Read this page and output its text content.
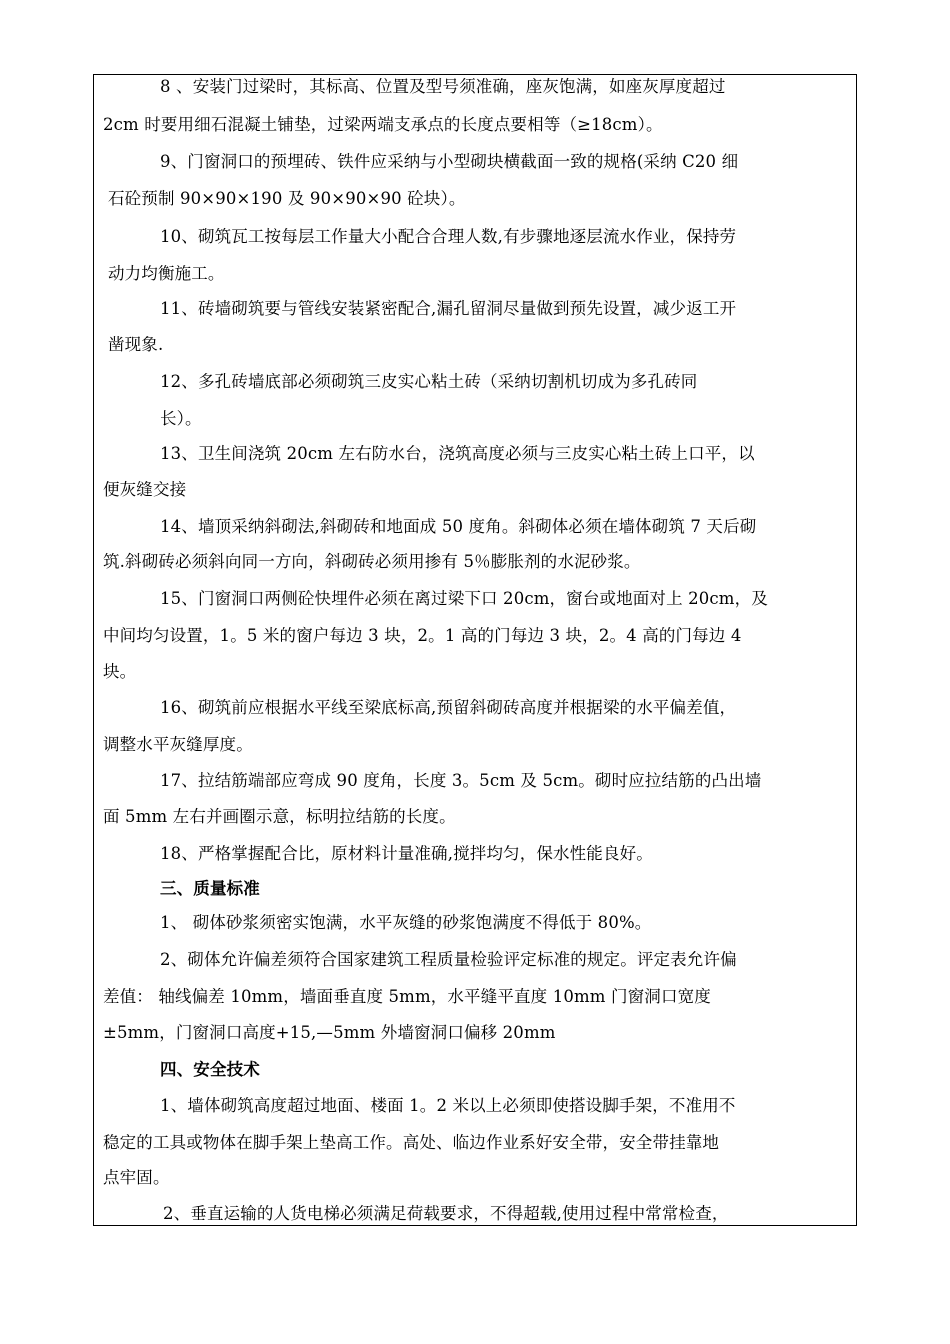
8 、安装门过梁时，其标高、位置及型号须准确，座灰饱满，如座灰厚度超过
2cm 时要用细石混凝土铺垫，过梁两端支承点的长度点要相等（≥18cm）。
9、门窗洞口的预埋砖、铁件应采纳与小型砌块横截面一致的规格(采纳 C20 细
石砼预制 90×90×190 及 90×90×90 砼块）。
10、砌筑瓦工按每层工作量大小配合合理人数,有步骤地逐层流水作业，保持劳
动力均衡施工。
11、砖墙砌筑要与管线安装紧密配合,漏孔留洞尽量做到预先设置，减少返工开
凿现象.
12、多孔砖墙底部必须砌筑三皮实心粘土砖（采纳切割机切成为多孔砖同
长）。
13、卫生间浇筑 20cm 左右防水台，浇筑高度必须与三皮实心粘土砖上口平，以
便灰缝交接
14、墙顶采纳斜砌法,斜砌砖和地面成 50 度角。斜砌体必须在墙体砌筑 7 天后砌
筑.斜砌砖必须斜向同一方向，斜砌砖必须用掺有 5％膨胀剂的水泥砂浆。
15、门窗洞口两侧砼快埋件必须在离过梁下口 20cm，窗台或地面对上 20cm，及
中间均匀设置，1。5 米的窗户每边 3 块，2。1 高的门每边 3 块，2。4 高的门每边 4
块。
16、砌筑前应根据水平线至梁底标高,预留斜砌砖高度并根据梁的水平偏差值，
调整水平灰缝厚度。
17、拉结筋端部应弯成 90 度角，长度 3。5cm 及 5cm。砌时应拉结筋的凸出墙
面 5mm 左右并画圈示意，标明拉结筋的长度。
18、严格掌握配合比，原材料计量准确,搅拌均匀，保水性能良好。
三、质量标准
1、 砌体砂浆须密实饱满，水平灰缝的砂浆饱满度不得低于 80%。
2、砌体允许偏差须符合国家建筑工程质量检验评定标准的规定。评定表允许偏
差值： 轴线偏差 10mm，墙面垂直度 5mm，水平缝平直度 10mm 门窗洞口宽度
±5mm，门窗洞口高度+15,—5mm 外墙窗洞口偏移 20mm
四、安全技术
1、墙体砌筑高度超过地面、楼面 1。2 米以上必须即使搭设脚手架，不准用不
稳定的工具或物体在脚手架上垫高工作。高处、临边作业系好安全带，安全带挂靠地
点牢固。
2、垂直运输的人货电梯必须满足荷载要求，不得超载,使用过程中常常检查，
